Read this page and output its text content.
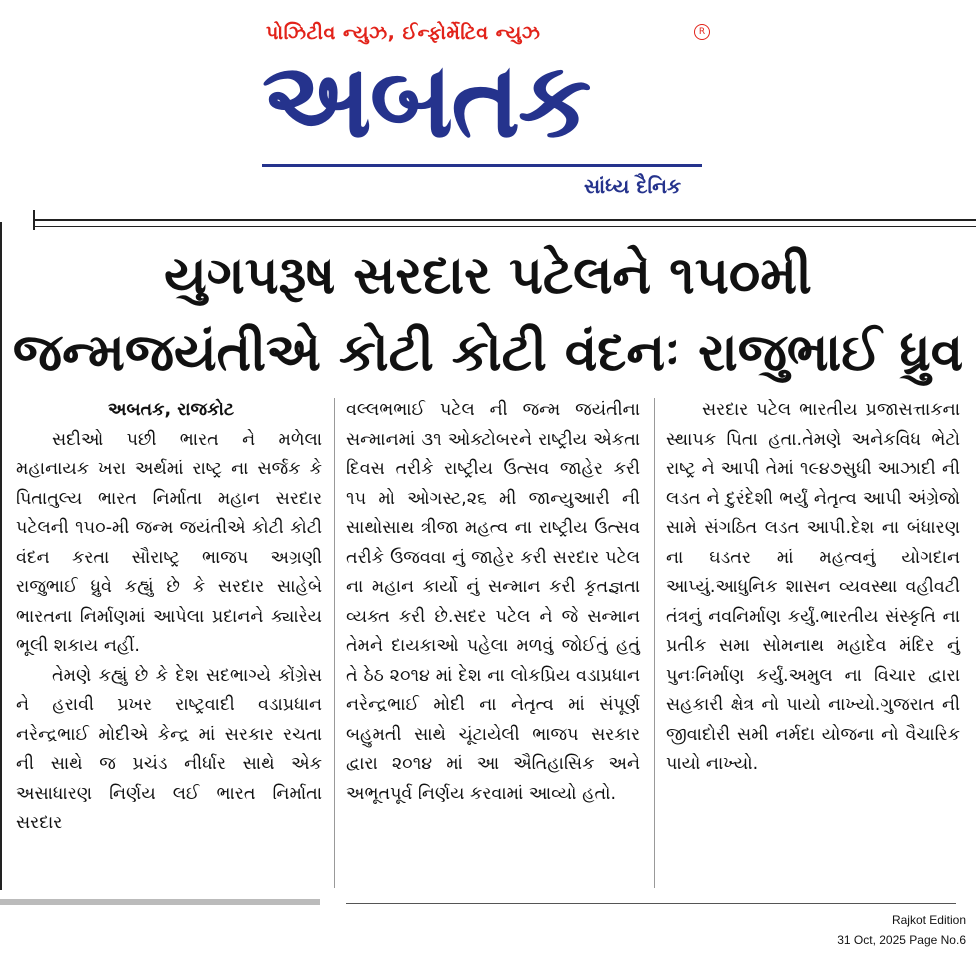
પોઝિટીવ ન્યુઝ, ઈન્ફોર્મેટિવ ન્યુઝ	R
અબતક
સાંધ્ય દૈનિક
યુગપરૂષ સરદાર પટેલને ૧૫૦મી
જન્મજયંતીએ કોટી કોટી વંદનઃ રાજુભાઈ ધ્રુવ

અબતક, રાજકોટ

સદીઓ પછી ભારત ને મળેલા મહાનાયક ખરા અર્થમાં રાષ્ટ્ર ના સર્જક કે પિતાતુલ્ય ભારત નિર્માતા મહાન સરદાર પટેલની ૧૫૦-મી જન્મ જયંતીએ કોટી કોટી વંદન કરતા સૌરાષ્ટ્ર ભાજપ અગ્રણી રાજુભાઈ ધ્રુવે કહ્યું છે કે સરદાર સાહેબે ભારતના નિર્માણમાં આપેલા પ્રદાનને ક્યારેય ભૂલી શકાય નહીં.

તેમણે કહ્યું છે કે દેશ સદભાગ્યે કોંગ્રેસ ને હરાવી પ્રખર રાષ્ટ્રવાદી વડાપ્રધાન નરેન્દ્રભાઈ મોદીએ કેન્દ્ર માં સરકાર રચતા ની સાથે જ પ્રચંડ નીર્ધાર સાથે એક અસાધારણ નિર્ણય લઈ ભારત નિર્માતા સરદાર

વલ્લભભાઈ પટેલ ની જન્મ જયંતીના સન્માનમાં ૩૧ ઓક્ટોબરને રાષ્ટ્રીય એકતા દિવસ તરીકે રાષ્ટ્રીય ઉત્સવ જાહેર કરી ૧૫ મો ઓગસ્ટ,૨૬ મી જાન્યુઆરી ની સાથોસાથ ત્રીજા મહત્વ ના રાષ્ટ્રીય ઉત્સવ તરીકે ઉજવવા નું જાહેર કરી સરદાર પટેલ ના મહાન કાર્યો નું સન્માન કરી કૃતજ્ઞતા વ્યક્ત કરી છે.સદર પટેલ ને જે સન્માન તેમને દાયકાઓ પહેલા મળવું જોઈતું હતું તે ઠેઠ ૨૦૧૪ માં દેશ ના લોકપ્રિય વડાપ્રધાન નરેન્દ્રભાઈ મોદી ના નેતૃત્વ માં સંપૂર્ણ બહુમતી સાથે ચૂંટાયેલી ભાજપ સરકાર દ્વારા ૨૦૧૪ માં આ ઐતિહાસિક અને અભૂતપૂર્વ નિર્ણય કરવામાં આવ્યો હતો.

સરદાર પટેલ ભારતીય પ્રજાસત્તાકના સ્થાપક પિતા હતા.તેમણે અનેકવિધ ભેટો રાષ્ટ્ર ને આપી તેમાં ૧૯૪૭સુધી આઝાદી ની લડત ને દુરંદેશી ભર્યું નેતૃત્વ આપી અંગ્રેજો સામે સંગઠિત લડત આપી.દેશ ના બંધારણ ના ઘડતર માં મહત્વનું યોગદાન આપ્યું.આધુનિક શાસન વ્યવસ્થા વહીવટી તંત્રનું નવનિર્માણ કર્યું.ભારતીય સંસ્કૃતિ ના પ્રતીક સમા સોમનાથ મહાદેવ મંદિર નું પુનઃનિર્માણ કર્યું.અમુલ ના વિચાર દ્વારા સહકારી ક્ષેત્ર નો પાયો નાખ્યો.ગુજરાત ની જીવાદોરી સમી નર્મદા યોજના નો વૈચારિક પાયો નાખ્યો.

Rajkot Edition
31 Oct, 2025 Page No.6
